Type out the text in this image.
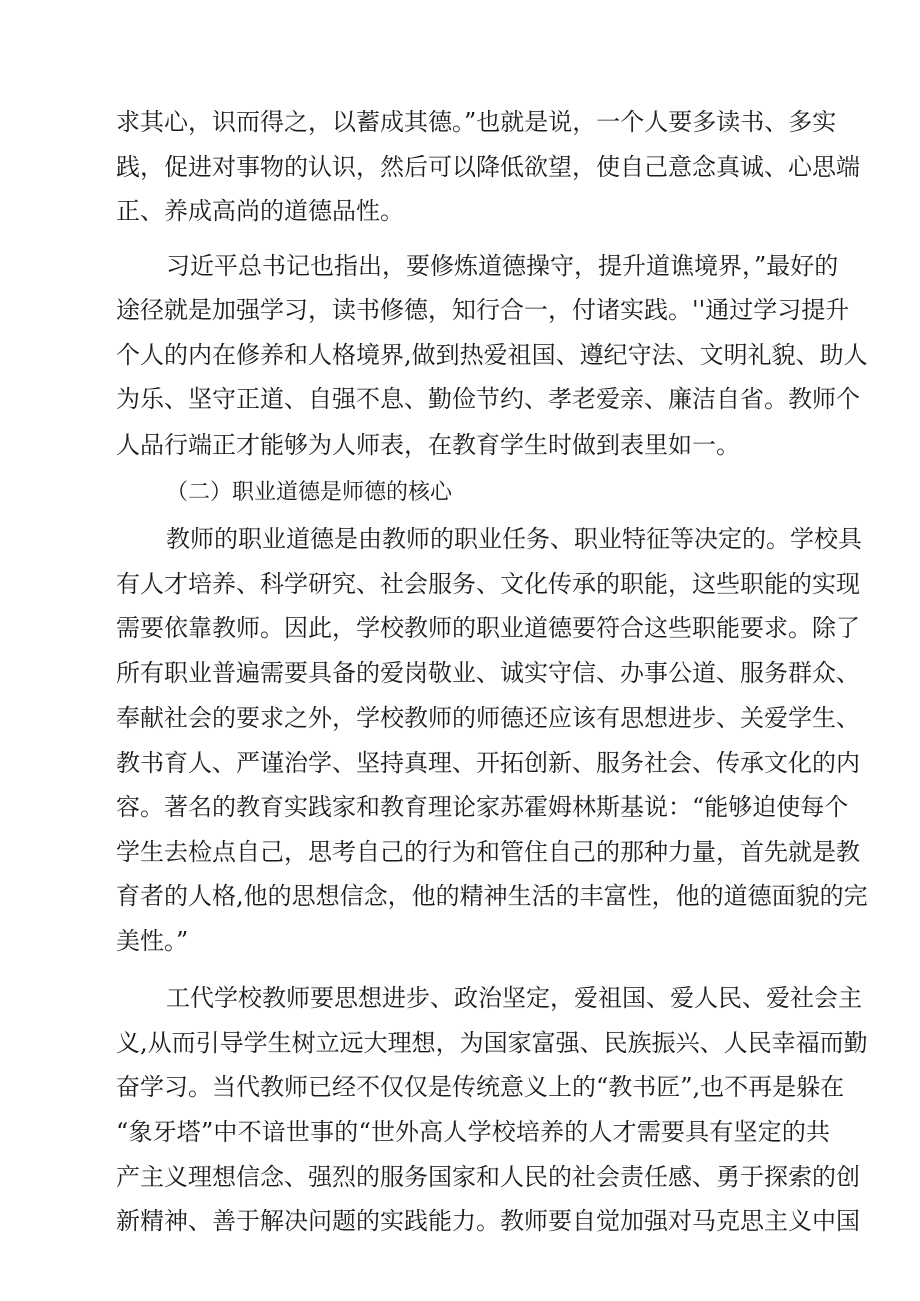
求其心，识而得之，以蓄成其德。”也就是说，一个人要多读书、多实
践，促进对事物的认识，然后可以降低欲望，使自己意念真诚、心思端
正、养成高尚的道德品性。
习近平总书记也指出，要修炼道德操守，提升道谯境界，”最好的
途径就是加强学习，读书修德，知行合一，付诸实践。''通过学习提升
个人的内在修养和人格境界,做到热爱祖国、遵纪守法、文明礼貌、助人
为乐、坚守正道、自强不息、勤俭节约、孝老爱亲、廉洁自省。教师个
人品行端正才能够为人师表，在教育学生时做到表里如一。
（二）职业道德是师德的核心
教师的职业道德是由教师的职业任务、职业特征等决定的。学校具
有人才培养、科学研究、社会服务、文化传承的职能，这些职能的实现
需要依靠教师。因此，学校教师的职业道德要符合这些职能要求。除了
所有职业普遍需要具备的爱岗敬业、诚实守信、办事公道、服务群众、
奉献社会的要求之外，学校教师的师德还应该有思想进步、关爱学生、
教书育人、严谨治学、坚持真理、开拓创新、服务社会、传承文化的内
容。著名的教育实践家和教育理论家苏霍姆林斯基说：“能够迫使每个
学生去检点自己，思考自己的行为和管住自己的那种力量，首先就是教
育者的人格,他的思想信念，他的精神生活的丰富性，他的道德面貌的完
美性。”
工代学校教师要思想进步、政治坚定，爱祖国、爱人民、爱社会主
义,从而引导学生树立远大理想，为国家富强、民族振兴、人民幸福而勤
奋学习。当代教师已经不仅仅是传统意义上的“教书匠”,也不再是躲在
“象牙塔”中不谙世事的“世外高人学校培养的人才需要具有坚定的共
产主义理想信念、强烈的服务国家和人民的社会责任感、勇于探索的创
新精神、善于解决问题的实践能力。教师要自觉加强对马克思主义中国
